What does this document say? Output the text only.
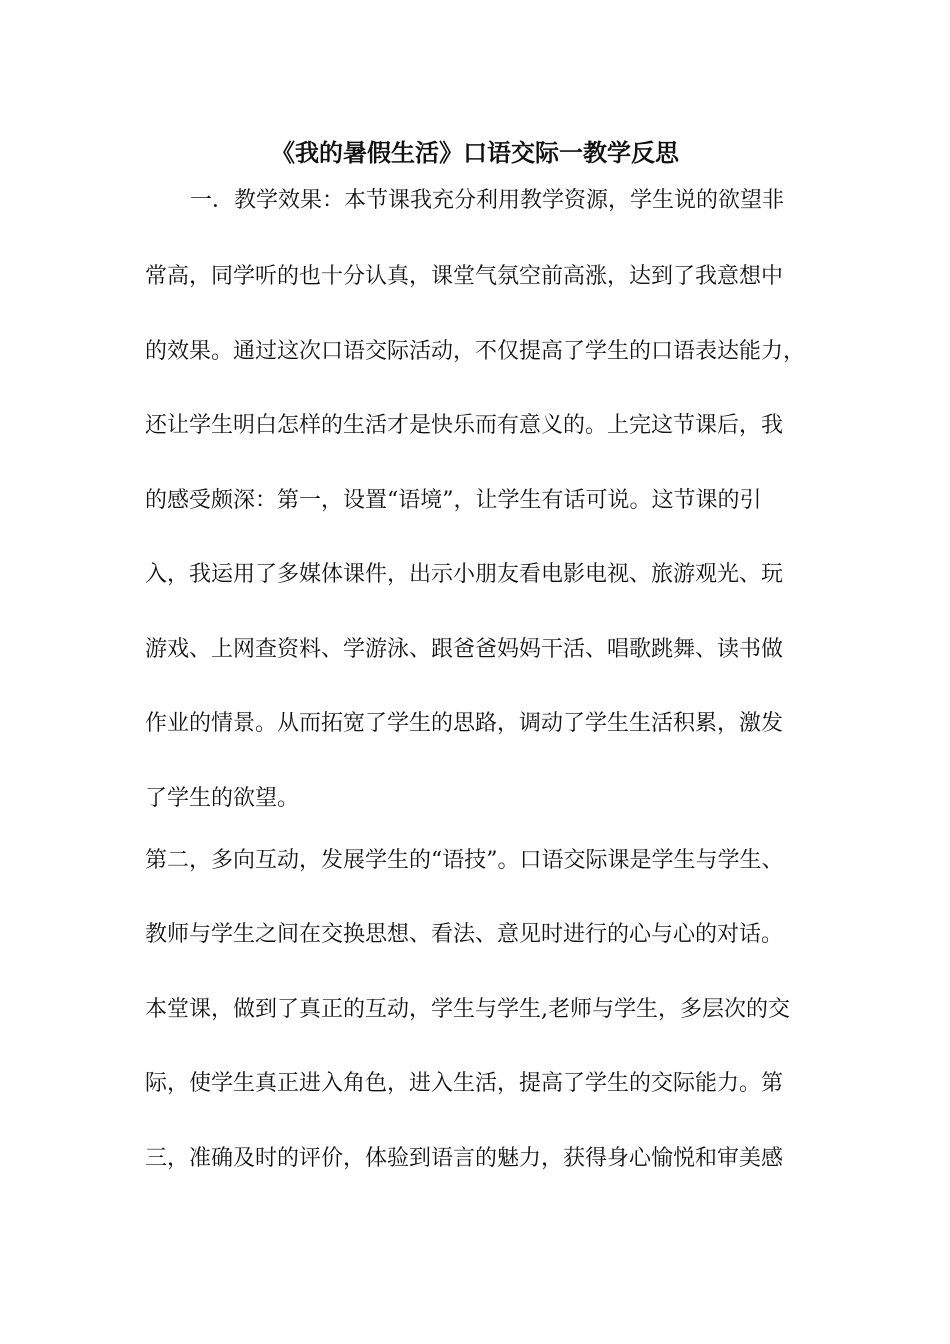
《我的暑假生活》口语交际一教学反思

一．教学效果：本节课我充分利用教学资源，学生说的欲望非

常高，同学听的也十分认真，课堂气氛空前高涨，达到了我意想中

的效果。通过这次口语交际活动，不仅提高了学生的口语表达能力，

还让学生明白怎样的生活才是快乐而有意义的。上完这节课后，我

的感受颇深：第一，设置“语境”，让学生有话可说。这节课的引

入，我运用了多媒体课件，出示小朋友看电影电视、旅游观光、玩

游戏、上网查资料、学游泳、跟爸爸妈妈干活、唱歌跳舞、读书做

作业的情景。从而拓宽了学生的思路，调动了学生生活积累，激发

了学生的欲望。

第二，多向互动，发展学生的“语技”。口语交际课是学生与学生、

教师与学生之间在交换思想、看法、意见时进行的心与心的对话。

本堂课，做到了真正的互动，学生与学生,老师与学生，多层次的交

际，使学生真正进入角色，进入生活，提高了学生的交际能力。第

三，准确及时的评价，体验到语言的魅力，获得身心愉悦和审美感
